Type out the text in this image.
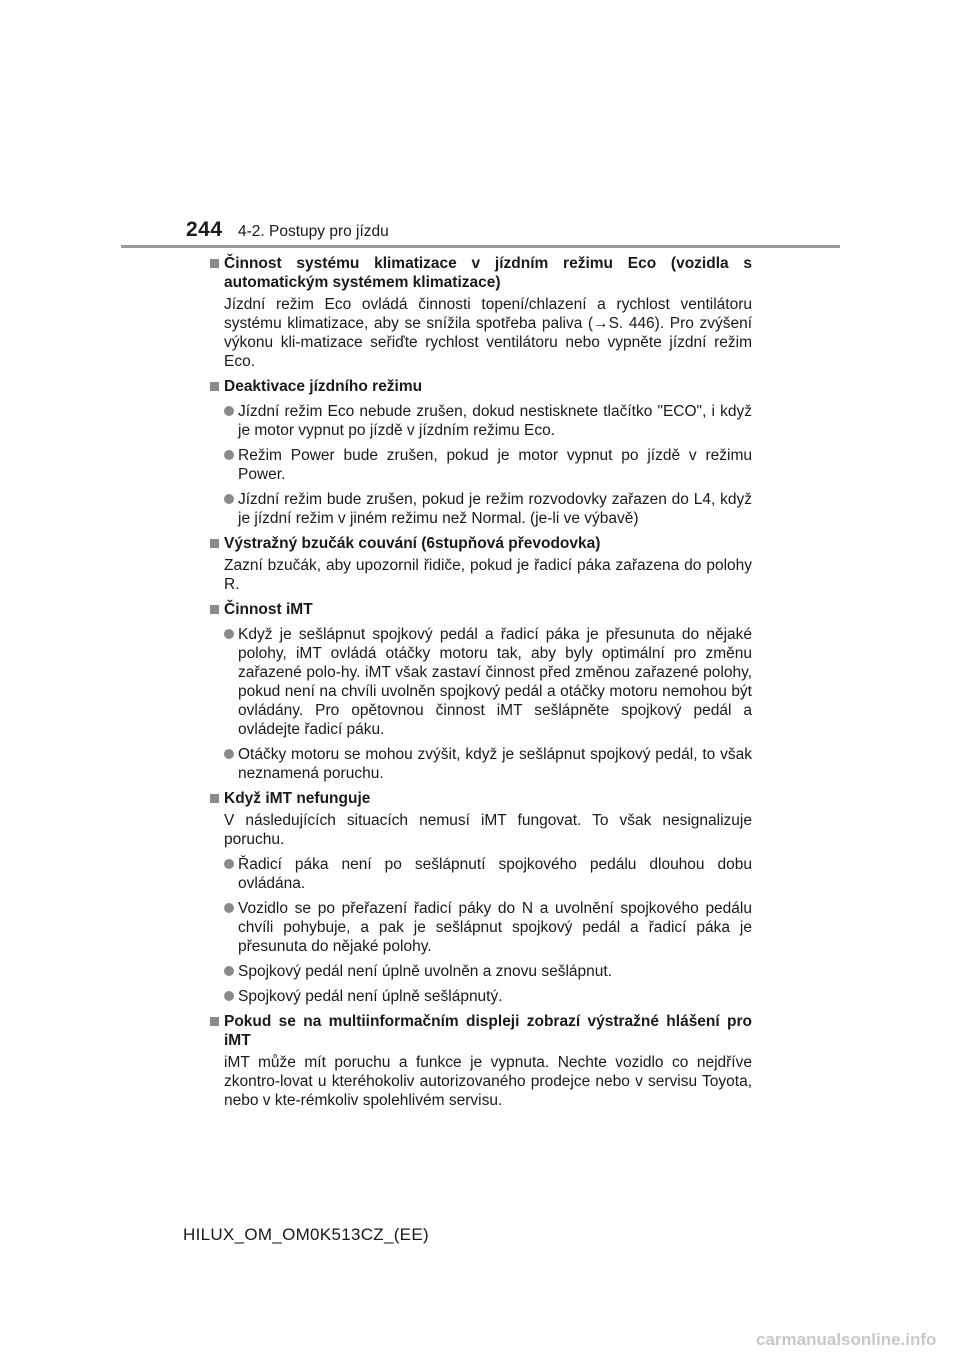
244 4-2. Postupy pro jízdu
Činnost systému klimatizace v jízdním režimu Eco (vozidla s automatickým systémem klimatizace)
Jízdní režim Eco ovládá činnosti topení/chlazení a rychlost ventilátoru systému klimatizace, aby se snížila spotřeba paliva (→S. 446). Pro zvýšení výkonu kli-matizace seřiďte rychlost ventilátoru nebo vypněte jízdní režim Eco.
Deaktivace jízdního režimu
Jízdní režim Eco nebude zrušen, dokud nestisknete tlačítko "ECO", i když je motor vypnut po jízdě v jízdním režimu Eco.
Režim Power bude zrušen, pokud je motor vypnut po jízdě v režimu Power.
Jízdní režim bude zrušen, pokud je režim rozvodovky zařazen do L4, když je jízdní režim v jiném režimu než Normal. (je-li ve výbavě)
Výstražný bzučák couvání (6stupňová převodovka)
Zazní bzučák, aby upozornil řidiče, pokud je řadicí páka zařazena do polohy R.
Činnost iMT
Když je sešlápnut spojkový pedál a řadicí páka je přesunuta do nějaké polohy, iMT ovládá otáčky motoru tak, aby byly optimální pro změnu zařazené polo-hy. iMT však zastaví činnost před změnou zařazené polohy, pokud není na chvíli uvolněn spojkový pedál a otáčky motoru nemohou být ovládány. Pro opětovnou činnost iMT sešlápněte spojkový pedál a ovládejte řadicí páku.
Otáčky motoru se mohou zvýšit, když je sešlápnut spojkový pedál, to však neznamená poruchu.
Když iMT nefunguje
V následujících situacích nemusí iMT fungovat. To však nesignalizuje poruchu.
Řadicí páka není po sešlápnutí spojkového pedálu dlouhou dobu ovládána.
Vozidlo se po přeřazení řadicí páky do N a uvolnění spojkového pedálu chvíli pohybuje, a pak je sešlápnut spojkový pedál a řadicí páka je přesunuta do nějaké polohy.
Spojkový pedál není úplně uvolněn a znovu sešlápnut.
Spojkový pedál není úplně sešlápnutý.
Pokud se na multiinformačním displeji zobrazí výstražné hlášení pro iMT
iMT může mít poruchu a funkce je vypnuta. Nechte vozidlo co nejdříve zkontro-lovat u kteréhokoliv autorizovaného prodejce nebo v servisu Toyota, nebo v kte-rémkoliv spolehlivém servisu.
HILUX_OM_OM0K513CZ_(EE)
carmanualsonline.info
